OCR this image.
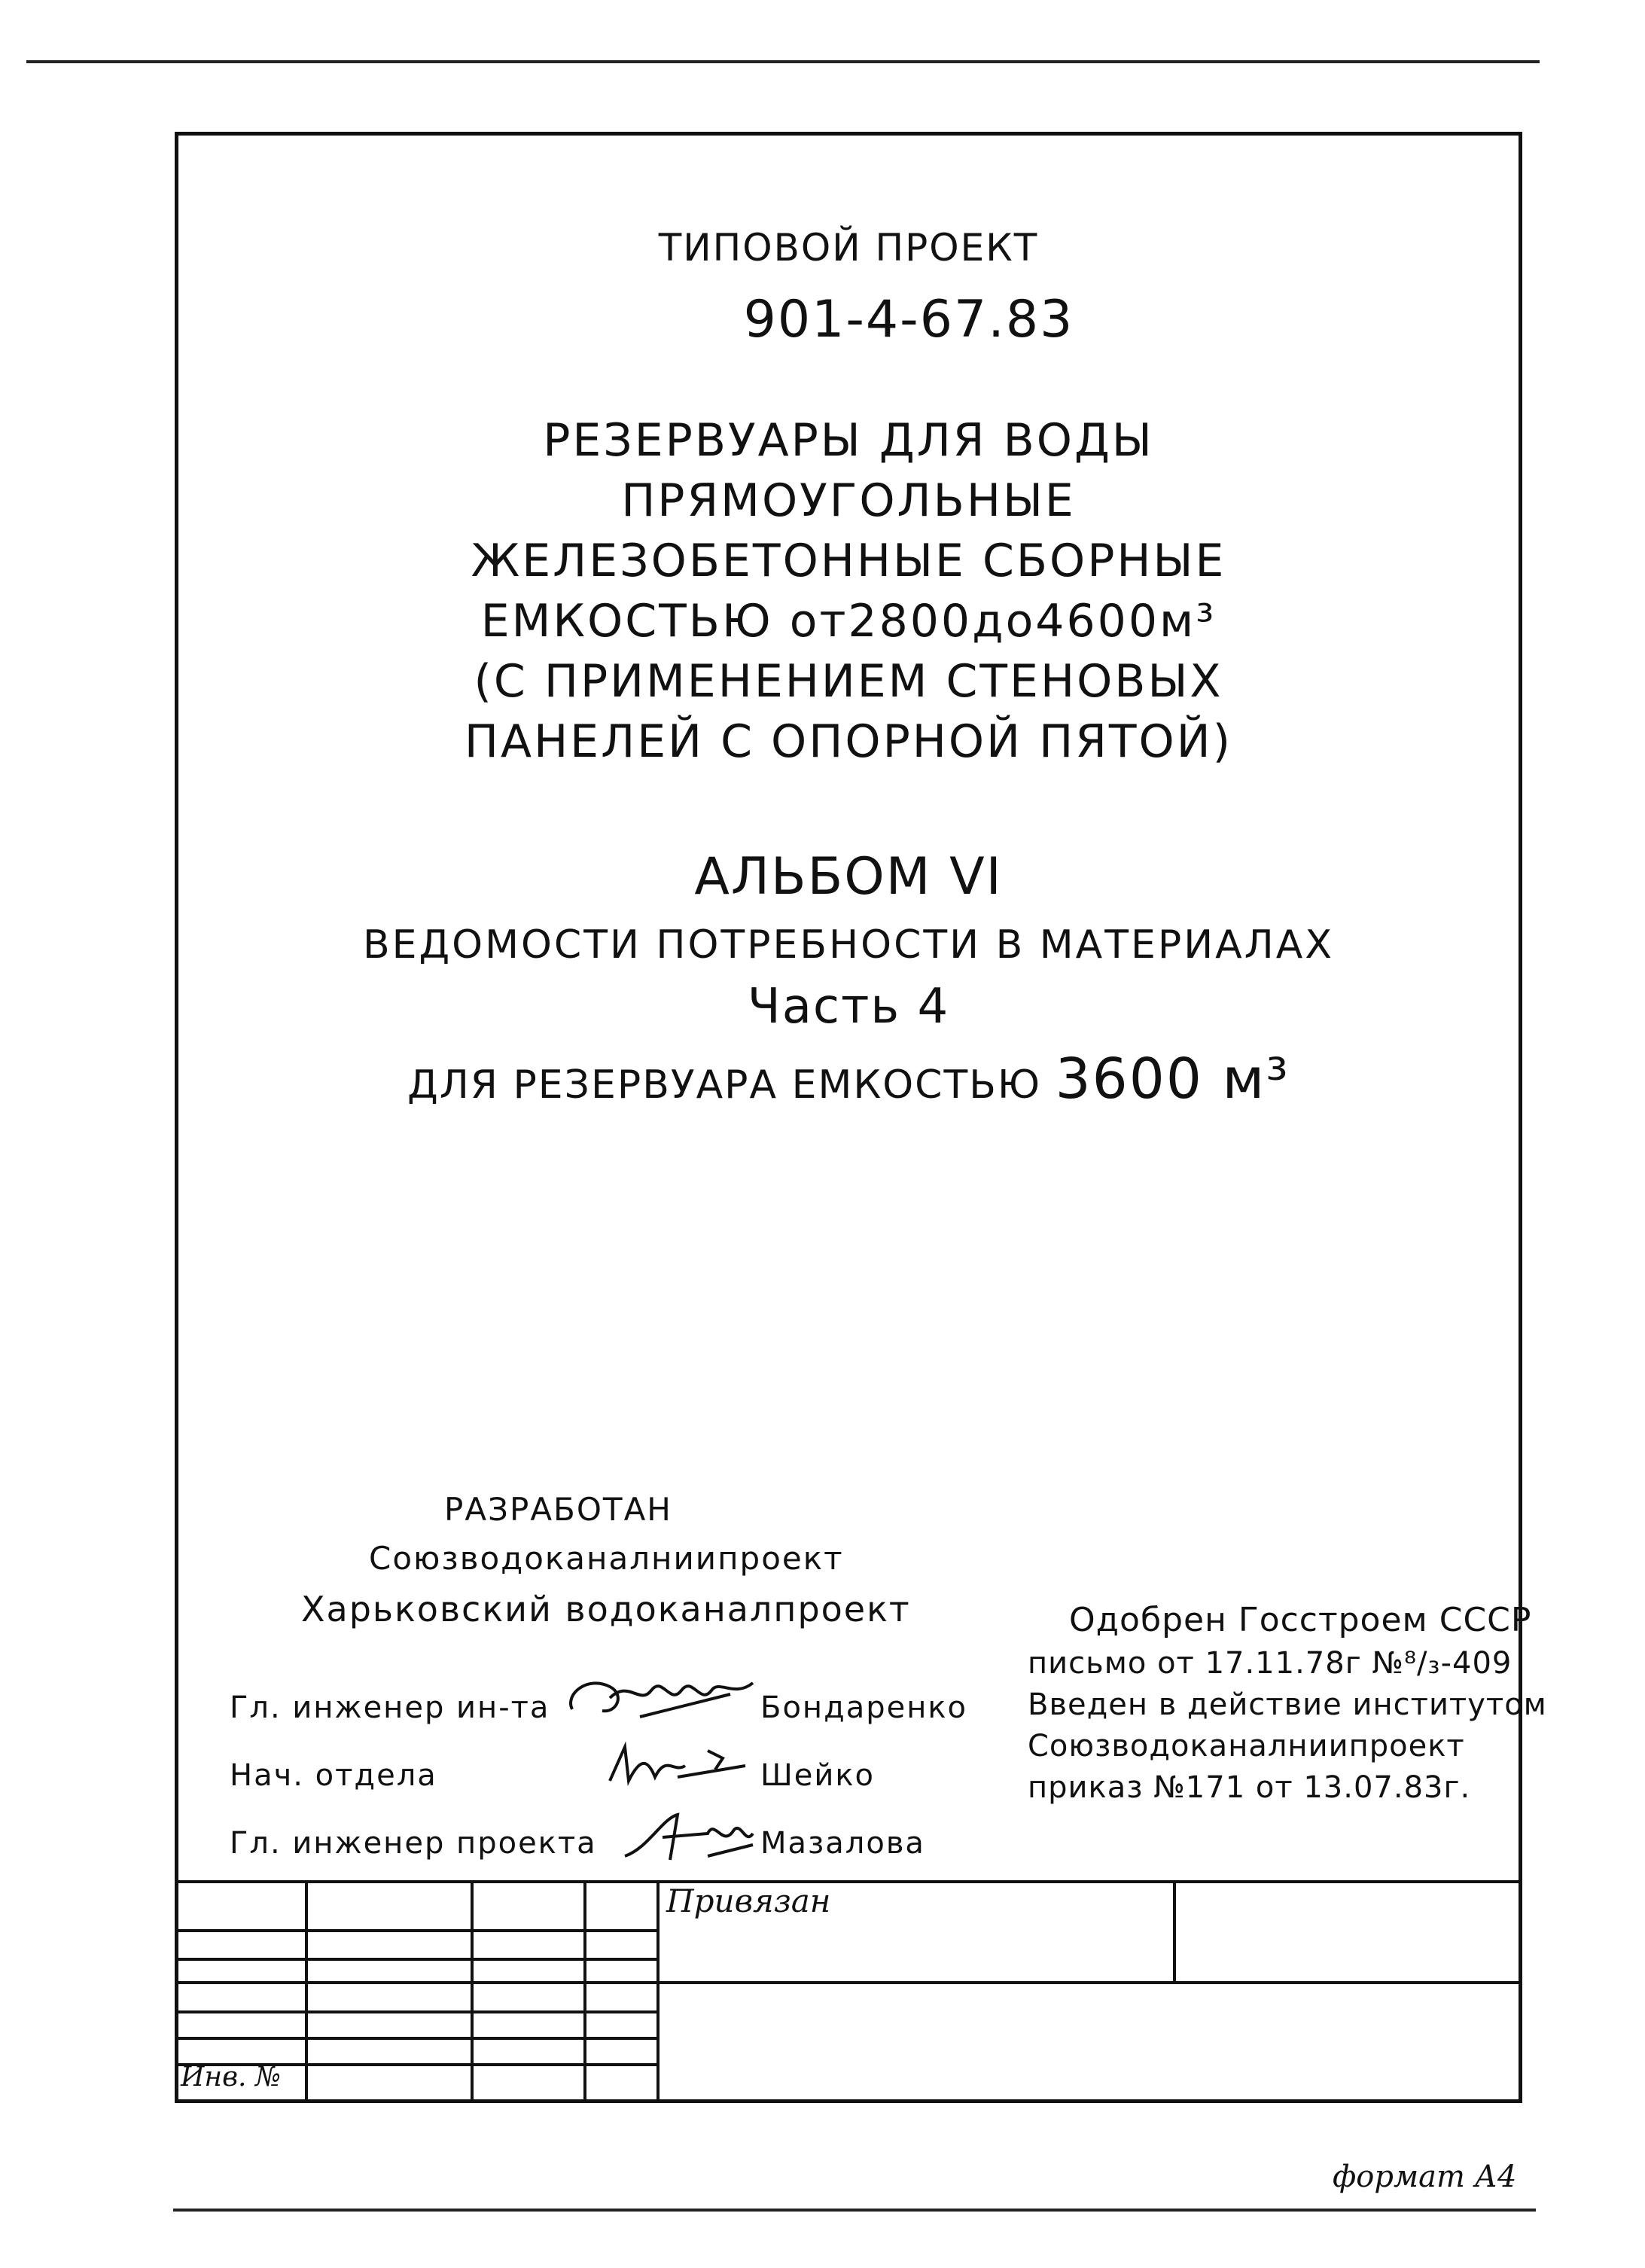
ТИПОВОЙ ПРОЕКТ
901-4-67.83
РЕЗЕРВУАРЫ ДЛЯ ВОДЫ
ПРЯМОУГОЛЬНЫЕ
ЖЕЛЕЗОБЕТОННЫЕ СБОРНЫЕ
ЕМКОСТЬЮ от2800до4600м³
(С ПРИМЕНЕНИЕМ СТЕНОВЫХ
ПАНЕЛЕЙ С ОПОРНОЙ ПЯТОЙ)
АЛЬБОМ VI
ВЕДОМОСТИ ПОТРЕБНОСТИ В МАТЕРИАЛАХ
Часть 4
ДЛЯ РЕЗЕРВУАРА ЕМКОСТЬЮ 3600 м³
РАЗРАБОТАН
Союзводоканалниипроект
Харьковский водоканалпроект
Гл. инженер ин-та	Бондаренко
Нач. отдела	Шейко
Гл. инженер проекта	Мазалова
Одобрен Госстроем СССР
письмо от 17.11.78г №⁸/₃-409
Введен в действие институтом
Союзводоканалниипроект
приказ №171 от 13.07.83г.
Привязан
Инв. №
формат А4
